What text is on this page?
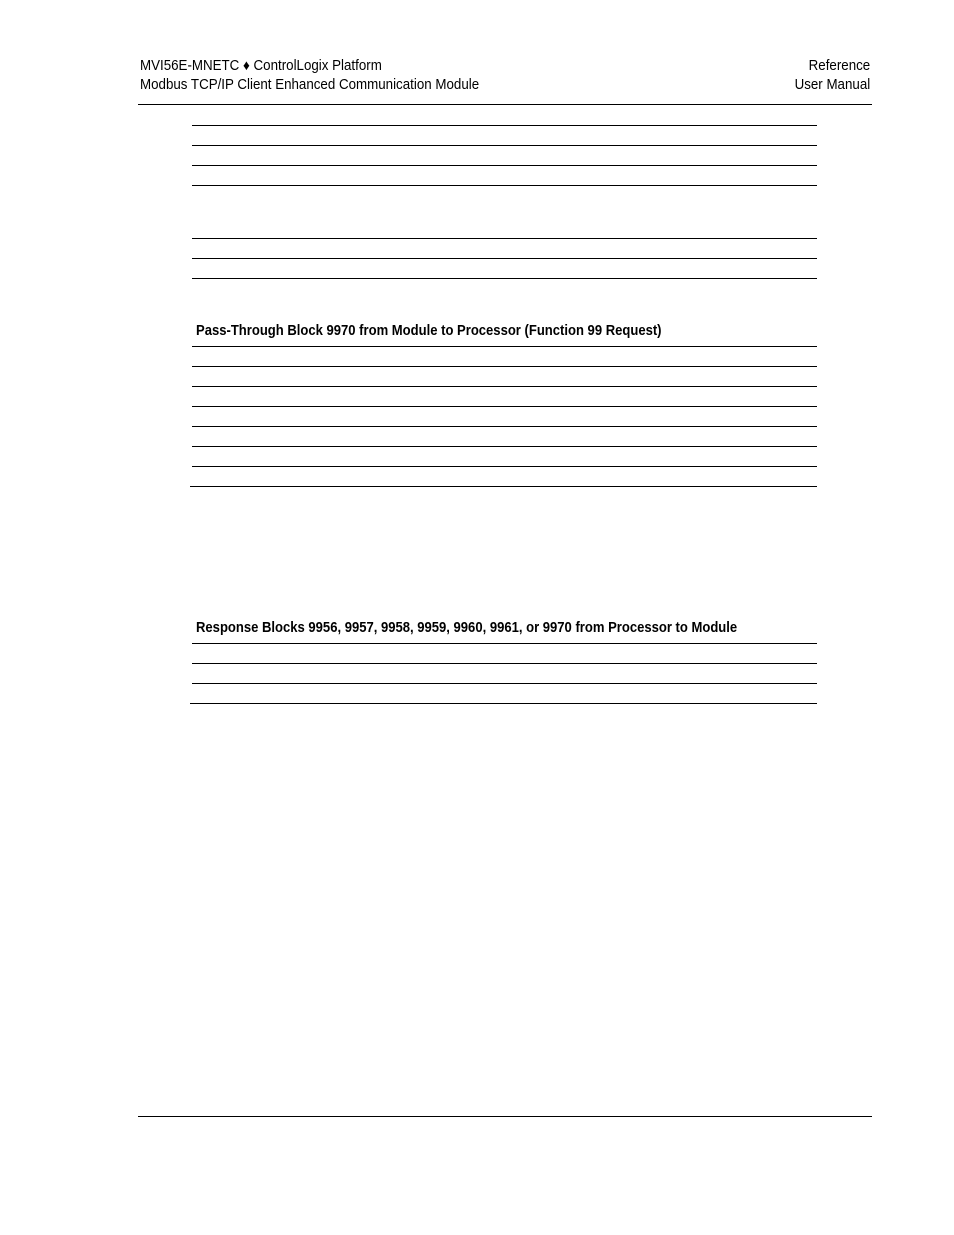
MVI56E-MNETC ♦ ControlLogix Platform
Modbus TCP/IP Client Enhanced Communication Module
Reference
User Manual
Pass-Through Block 9970 from Module to Processor (Function 99 Request)
Response Blocks 9956, 9957, 9958, 9959, 9960, 9961, or 9970 from Processor to Module
